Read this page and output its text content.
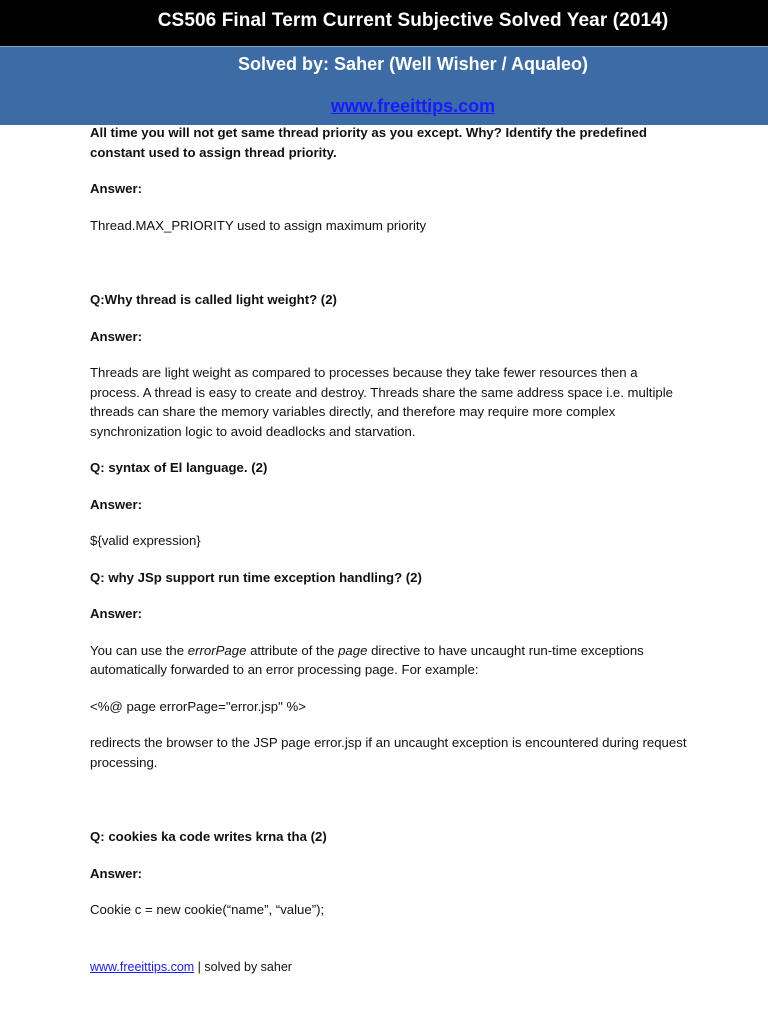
CS506 Final Term Current Subjective Solved Year (2014)
Solved by: Saher (Well Wisher / Aqualeo)
www.freeittips.com

All time you will not get same thread priority as you except. Why? Identify the predefined constant used to assign thread priority.

Answer:

Thread.MAX_PRIORITY used to assign maximum priority

Q:Why thread is called light weight? (2)

Answer:

Threads are light weight as compared to processes because they take fewer resources then a process. A thread is easy to create and destroy. Threads share the same address space i.e. multiple threads can share the memory variables directly, and therefore may require more complex synchronization logic to avoid deadlocks and starvation.

Q: syntax of El language. (2)

Answer:

${valid expression}

Q: why JSp support run time exception handling? (2)

Answer:

You can use the errorPage attribute of the page directive to have uncaught run-time exceptions automatically forwarded to an error processing page. For example:

<%@ page errorPage="error.jsp" %>

redirects the browser to the JSP page error.jsp if an uncaught exception is encountered during request processing.

Q: cookies ka code writes krna tha (2)

Answer:

Cookie c = new cookie(“name”, “value”);

www.freeittips.com | solved by saher
